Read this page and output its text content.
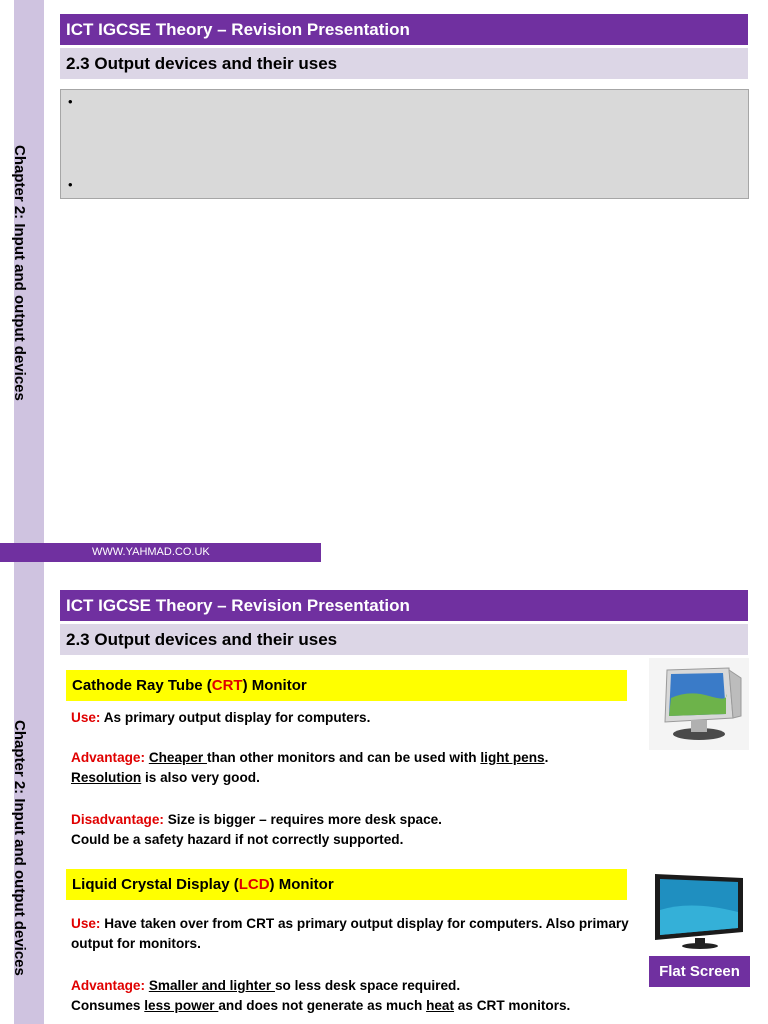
Chapter 2: Input and output devices
ICT IGCSE Theory – Revision Presentation
2.3 Output devices and their uses
•
•
WWW.YAHMAD.CO.UK
Chapter 2: Input and output devices
ICT IGCSE Theory – Revision Presentation
2.3 Output devices and their uses
Cathode Ray Tube (CRT) Monitor
Use: As primary output display for computers.
Advantage: Cheaper than other monitors and can be used with light pens.
Resolution is also very good.
Disadvantage: Size is bigger – requires more desk space.
Could be a safety hazard if not correctly supported.
Liquid Crystal Display (LCD) Monitor
Use: Have taken over from CRT as primary output display for computers. Also primary output for monitors.
Advantage: Smaller and lighter so less desk space required.
Consumes less power and does not generate as much heat as CRT monitors.
Flat Screen
